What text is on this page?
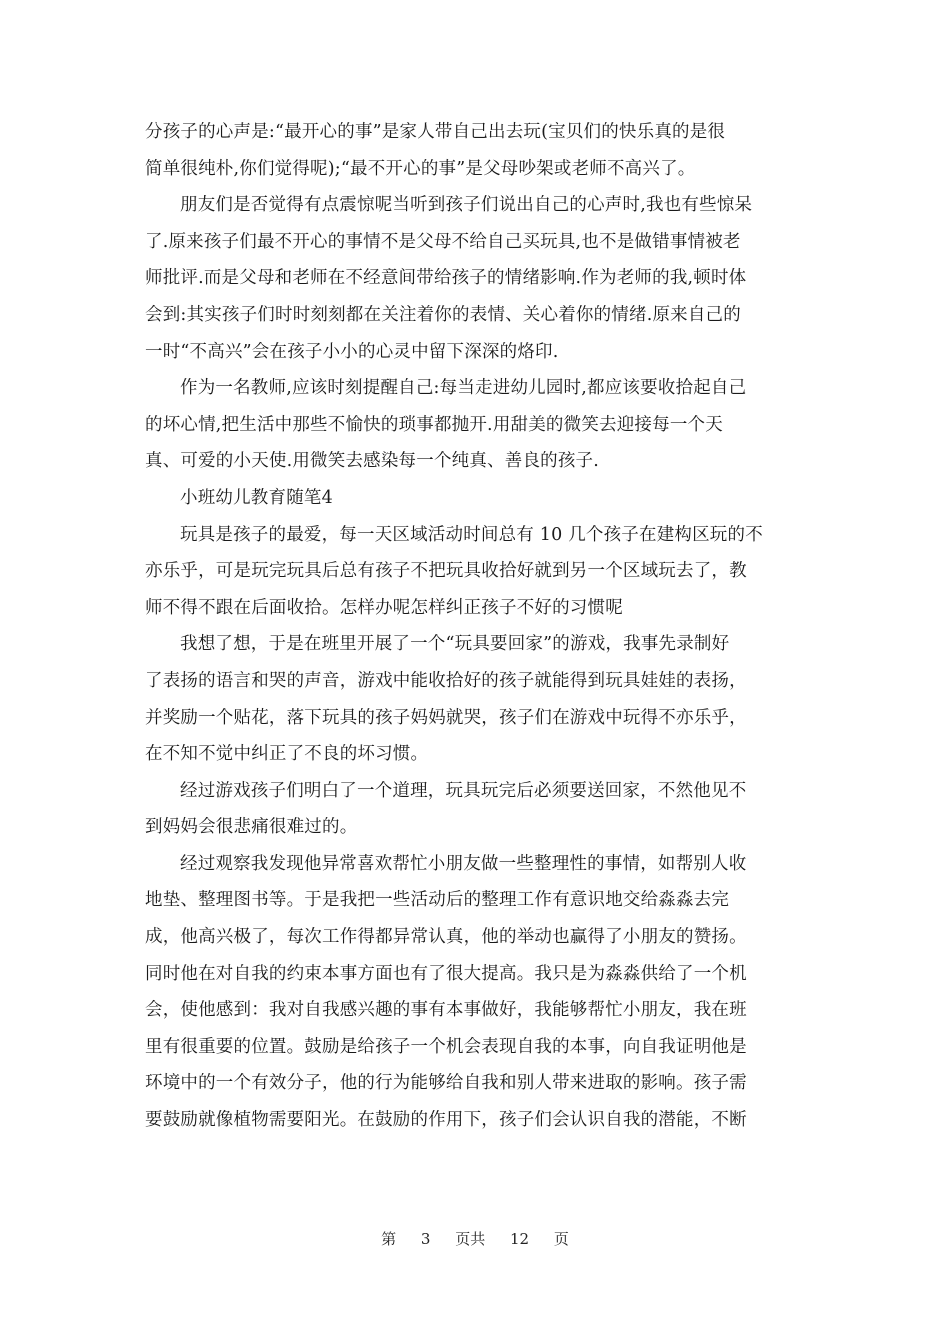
分孩子的心声是:“最开心的事”是家人带自己出去玩(宝贝们的快乐真的是很
简单很纯朴,你们觉得呢);“最不开心的事”是父母吵架或老师不高兴了。
朋友们是否觉得有点震惊呢当听到孩子们说出自己的心声时,我也有些惊呆
了.原来孩子们最不开心的事情不是父母不给自己买玩具,也不是做错事情被老
师批评.而是父母和老师在不经意间带给孩子的情绪影响.作为老师的我,顿时体
会到:其实孩子们时时刻刻都在关注着你的表情、关心着你的情绪.原来自己的
一时“不高兴”会在孩子小小的心灵中留下深深的烙印.
作为一名教师,应该时刻提醒自己:每当走进幼儿园时,都应该要收拾起自己
的坏心情,把生活中那些不愉快的琐事都抛开.用甜美的微笑去迎接每一个天
真、可爱的小天使.用微笑去感染每一个纯真、善良的孩子.
小班幼儿教育随笔4
玩具是孩子的最爱，每一天区域活动时间总有 10 几个孩子在建构区玩的不
亦乐乎，可是玩完玩具后总有孩子不把玩具收拾好就到另一个区域玩去了，教
师不得不跟在后面收拾。怎样办呢怎样纠正孩子不好的习惯呢
我想了想，于是在班里开展了一个“玩具要回家”的游戏，我事先录制好
了表扬的语言和哭的声音，游戏中能收拾好的孩子就能得到玩具娃娃的表扬，
并奖励一个贴花，落下玩具的孩子妈妈就哭，孩子们在游戏中玩得不亦乐乎，
在不知不觉中纠正了不良的坏习惯。
经过游戏孩子们明白了一个道理，玩具玩完后必须要送回家，不然他见不
到妈妈会很悲痛很难过的。
经过观察我发现他异常喜欢帮忙小朋友做一些整理性的事情，如帮别人收
地垫、整理图书等。于是我把一些活动后的整理工作有意识地交给淼淼去完
成，他高兴极了，每次工作得都异常认真，他的举动也赢得了小朋友的赞扬。
同时他在对自我的约束本事方面也有了很大提高。我只是为淼淼供给了一个机
会，使他感到：我对自我感兴趣的事有本事做好，我能够帮忙小朋友，我在班
里有很重要的位置。鼓励是给孩子一个机会表现自我的本事，向自我证明他是
环境中的一个有效分子，他的行为能够给自我和别人带来进取的影响。孩子需
要鼓励就像植物需要阳光。在鼓励的作用下，孩子们会认识自我的潜能，不断
第 3 页共 12 页
